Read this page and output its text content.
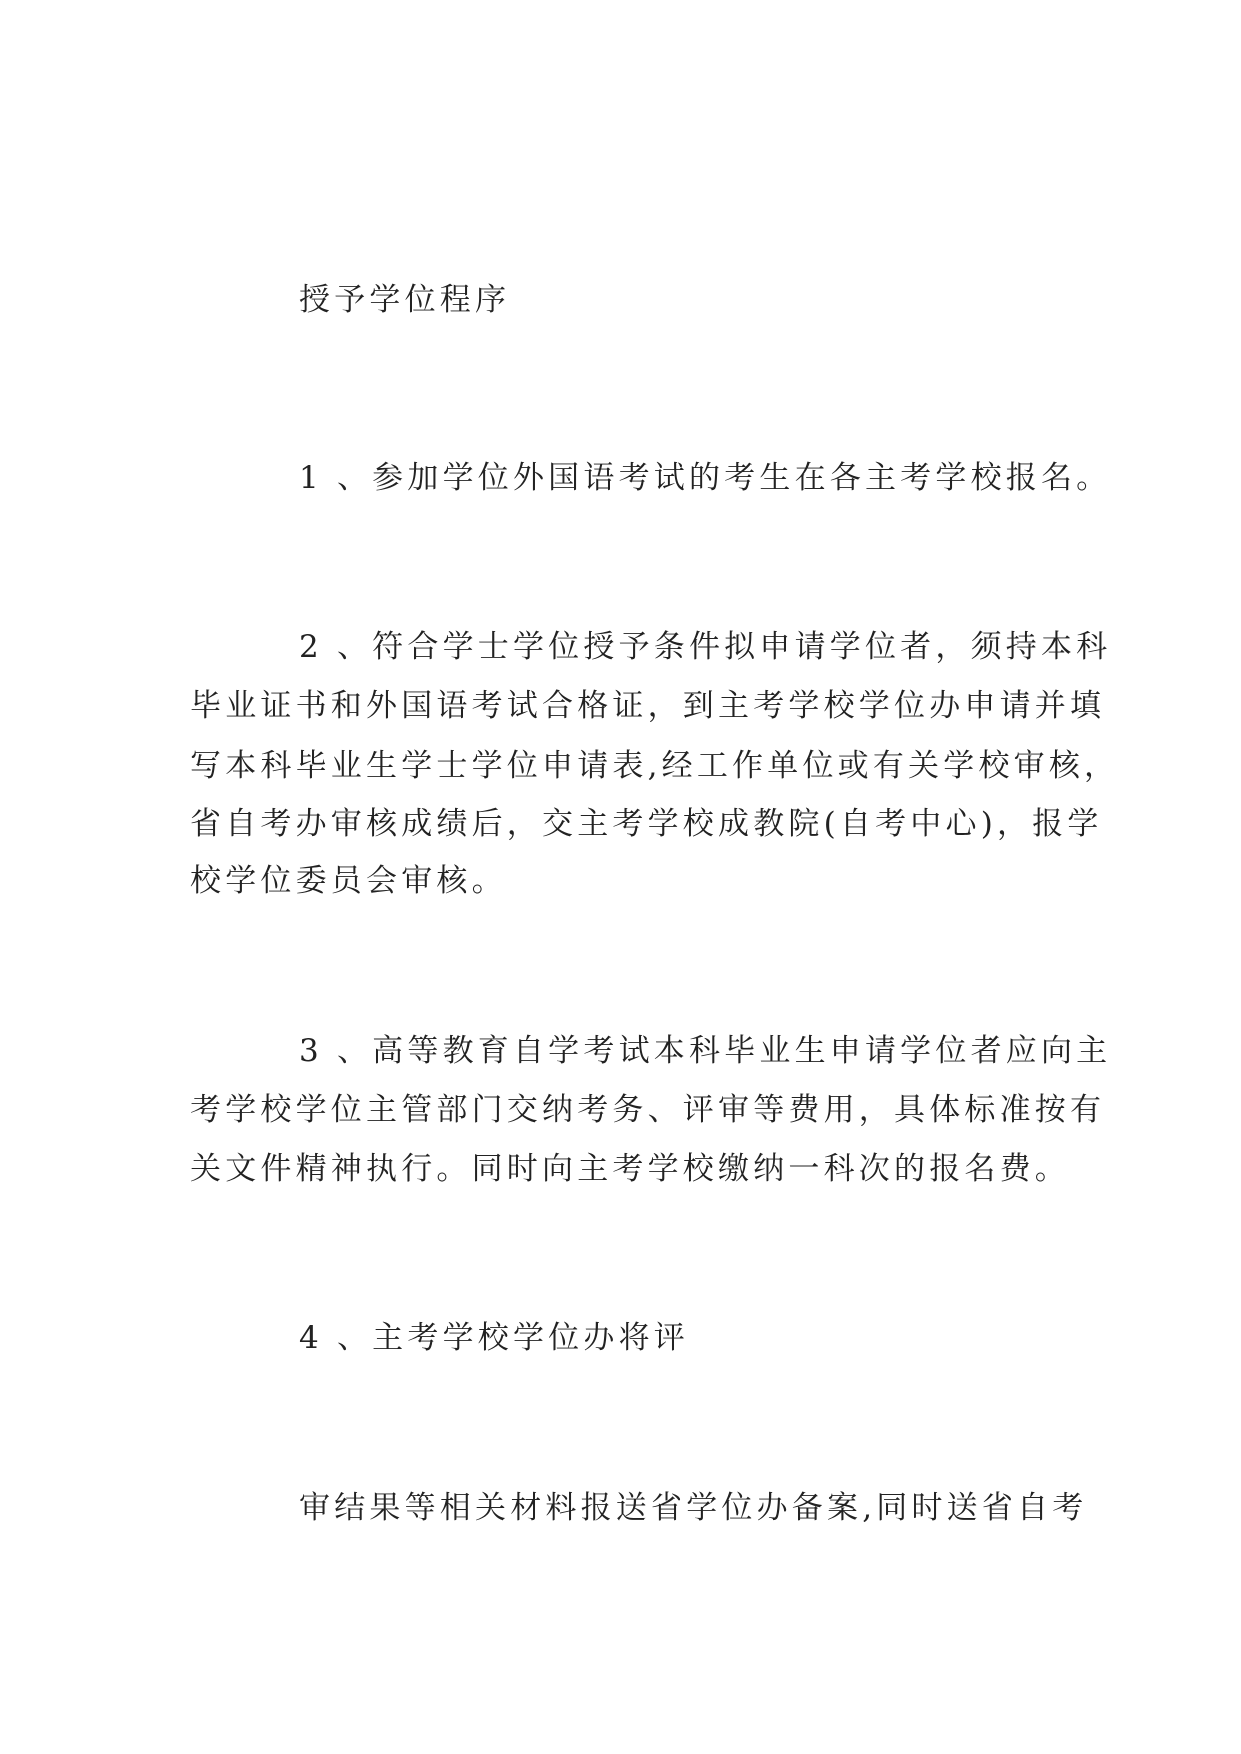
授予学位程序

1 、参加学位外国语考试的考生在各主考学校报名。

2 、符合学士学位授予条件拟申请学位者，须持本科

毕业证书和外国语考试合格证，到主考学校学位办申请并填

写本科毕业生学士学位申请表,经工作单位或有关学校审核，

省自考办审核成绩后，交主考学校成教院(自考中心)，报学

校学位委员会审核。

3 、高等教育自学考试本科毕业生申请学位者应向主

考学校学位主管部门交纳考务、评审等费用，具体标准按有

关文件精神执行。同时向主考学校缴纳一科次的报名费。

4 、主考学校学位办将评

审结果等相关材料报送省学位办备案,同时送省自考
